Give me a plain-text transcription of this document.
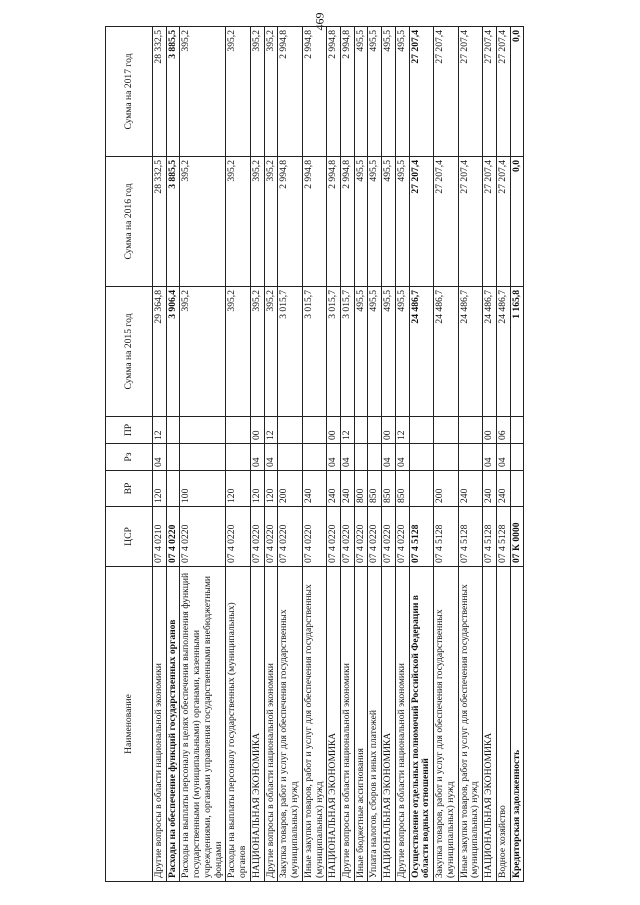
469
Наименование	ЦСР	ВР	Рз	ПР	Сумма на 2015 год	Сумма на 2016 год	Сумма на 2017 год
Другие вопросы в области национальной экономики	07 4 0210	120	04	12	29 364,8	28 332,5	28 332,5
Расходы на обеспечение функций государственных органов	07 4 0220				3 906,4	3 885,5	3 885,5
Расходы на выплаты персоналу в целях обеспечения выполнения функций государственными (муниципальными) органами, казенными учреждениями, органами управления государственными внебюджетными фондами	07 4 0220	100			395,2	395,2	395,2
Расходы на выплаты персоналу государственных (муниципальных) органов	07 4 0220	120			395,2	395,2	395,2
НАЦИОНАЛЬНАЯ ЭКОНОМИКА	07 4 0220	120	04	00	395,2	395,2	395,2
Другие вопросы в области национальной экономики	07 4 0220	120	04	12	395,2	395,2	395,2
Закупка товаров, работ и услуг для обеспечения государственных (муниципальных) нужд	07 4 0220	200			3 015,7	2 994,8	2 994,8
Иные закупки товаров, работ и услуг для обеспечения государственных (муниципальных) нужд	07 4 0220	240			3 015,7	2 994,8	2 994,8
НАЦИОНАЛЬНАЯ ЭКОНОМИКА	07 4 0220	240	04	00	3 015,7	2 994,8	2 994,8
Другие вопросы в области национальной экономики	07 4 0220	240	04	12	3 015,7	2 994,8	2 994,8
Иные бюджетные ассигнования	07 4 0220	800			495,5	495,5	495,5
Уплата налогов, сборов и иных платежей	07 4 0220	850			495,5	495,5	495,5
НАЦИОНАЛЬНАЯ ЭКОНОМИКА	07 4 0220	850	04	00	495,5	495,5	495,5
Другие вопросы в области национальной экономики	07 4 0220	850	04	12	495,5	495,5	495,5
Осуществление отдельных полномочий Российской Федерации в области водных отношений	07 4 5128				24 486,7	27 207,4	27 207,4
Закупка товаров, работ и услуг для обеспечения государственных (муниципальных) нужд	07 4 5128	200			24 486,7	27 207,4	27 207,4
Иные закупки товаров, работ и услуг для обеспечения государственных (муниципальных) нужд	07 4 5128	240			24 486,7	27 207,4	27 207,4
НАЦИОНАЛЬНАЯ ЭКОНОМИКА	07 4 5128	240	04	00	24 486,7	27 207,4	27 207,4
Водное хозяйство	07 4 5128	240	04	06	24 486,7	27 207,4	27 207,4
Кредиторская задолженность	07 К 0000				1 165,8	0,0	0,0
